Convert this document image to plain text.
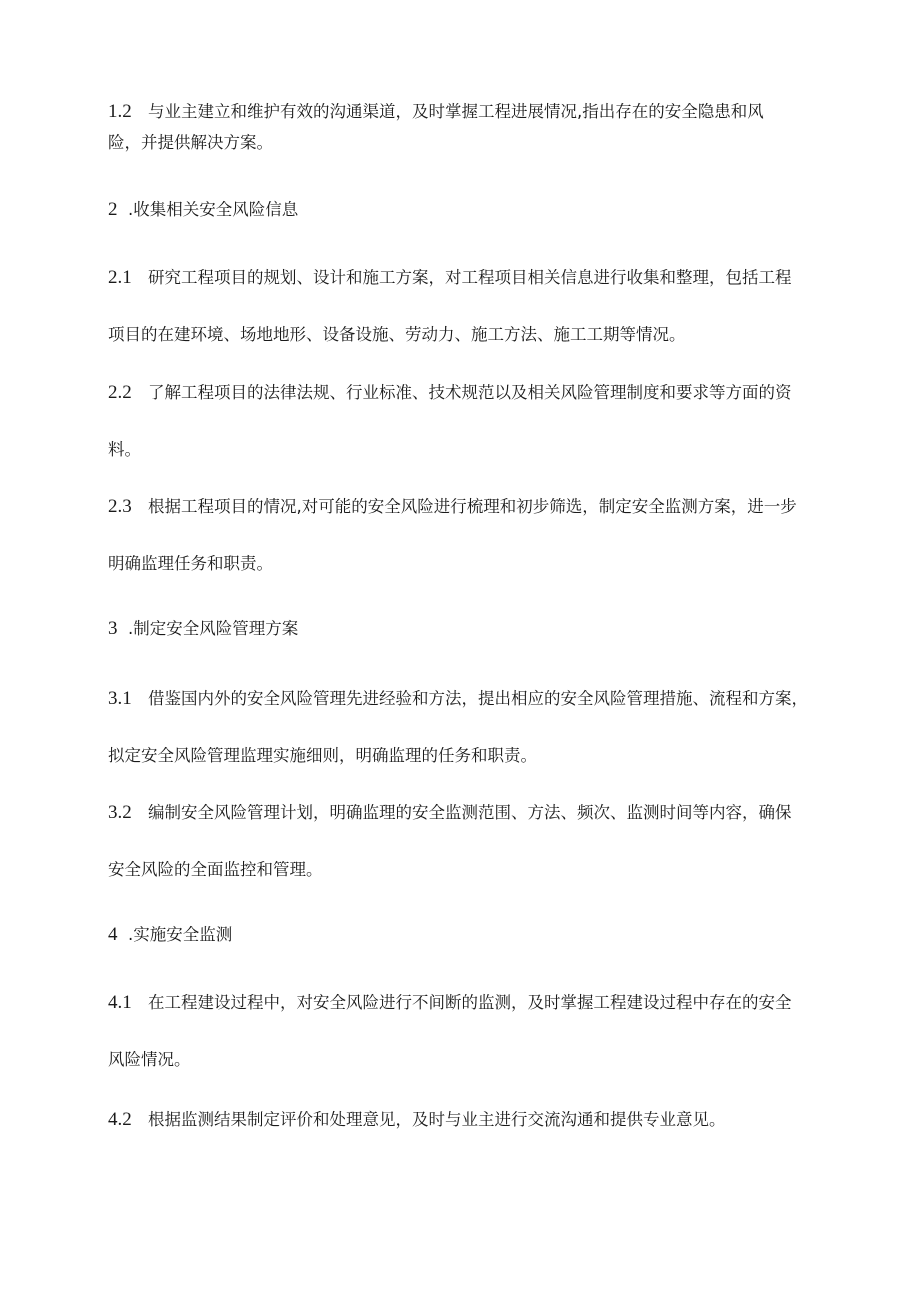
1.2 与业主建立和维护有效的沟通渠道，及时掌握工程进展情况,指出存在的安全隐患和风
险，并提供解决方案。
2 .收集相关安全风险信息
2.1 研究工程项目的规划、设计和施工方案，对工程项目相关信息进行收集和整理，包括工程
项目的在建环境、场地地形、设备设施、劳动力、施工方法、施工工期等情况。
2.2 了解工程项目的法律法规、行业标准、技术规范以及相关风险管理制度和要求等方面的资
料。
2.3 根据工程项目的情况,对可能的安全风险进行梳理和初步筛选，制定安全监测方案，进一步
明确监理任务和职责。
3 .制定安全风险管理方案
3.1 借鉴国内外的安全风险管理先进经验和方法，提出相应的安全风险管理措施、流程和方案，
拟定安全风险管理监理实施细则，明确监理的任务和职责。
3.2 编制安全风险管理计划，明确监理的安全监测范围、方法、频次、监测时间等内容，确保
安全风险的全面监控和管理。
4 .实施安全监测
4.1 在工程建设过程中，对安全风险进行不间断的监测，及时掌握工程建设过程中存在的安全
风险情况。
4.2 根据监测结果制定评价和处理意见，及时与业主进行交流沟通和提供专业意见。
